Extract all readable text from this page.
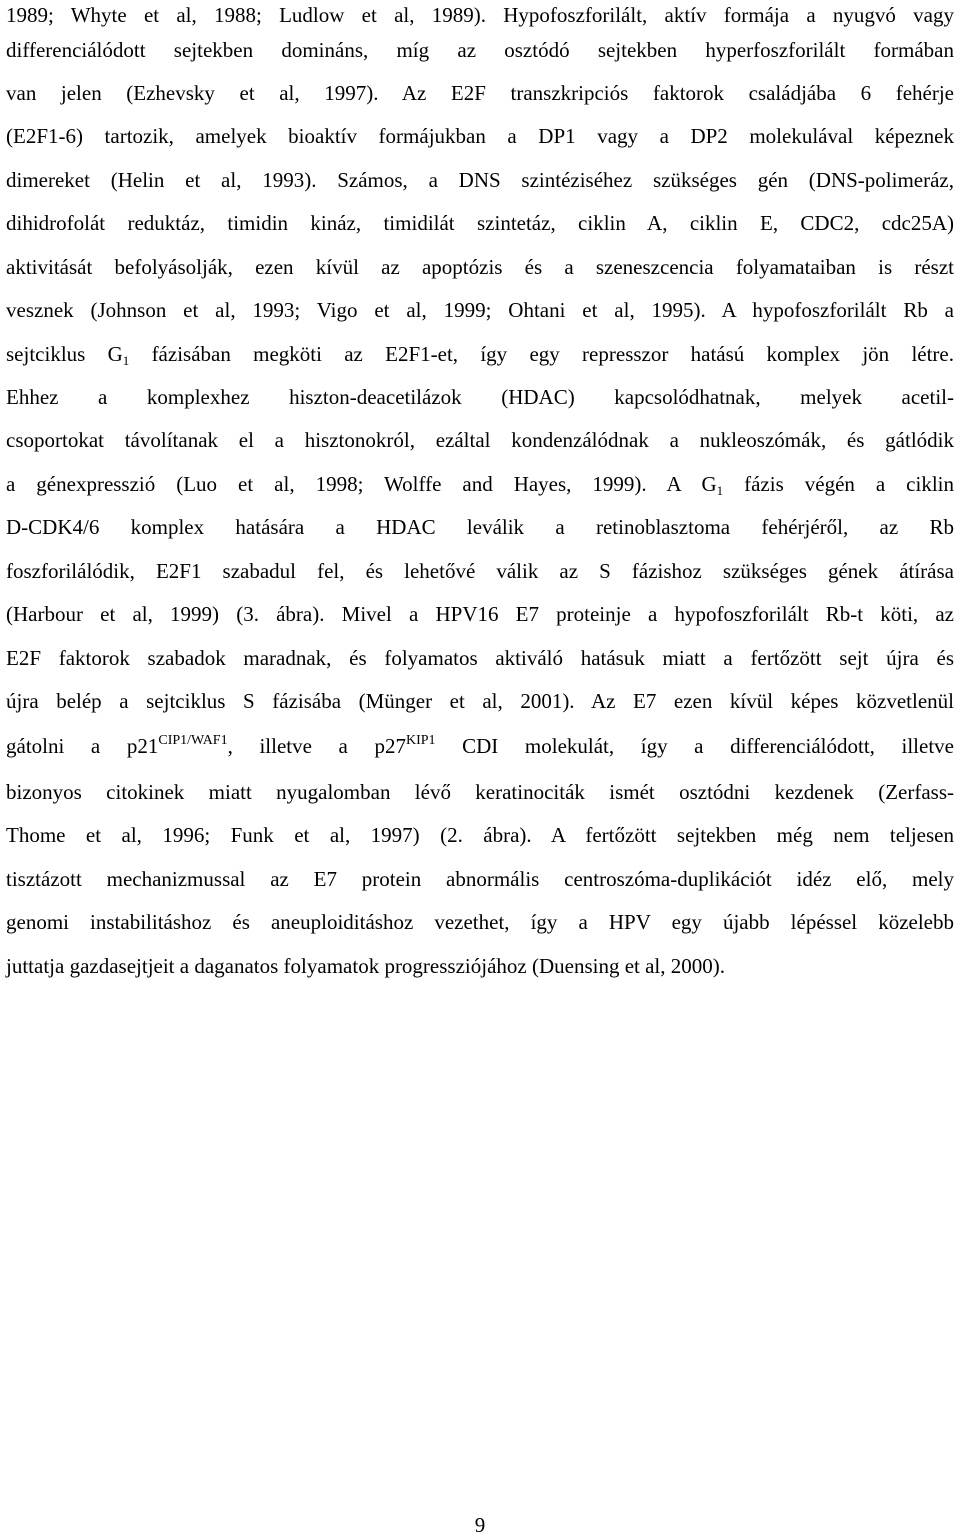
1989; Whyte et al, 1988; Ludlow et al, 1989). Hypofoszforilált, aktív formája a nyugvó vagy
differenciálódott sejtekben domináns, míg az osztódó sejtekben hyperfoszforilált formában
van jelen (Ezhevsky et al, 1997). Az E2F transzkripciós faktorok családjába 6 fehérje
(E2F1-6) tartozik, amelyek bioaktív formájukban a DP1 vagy a DP2 molekulával képeznek
dimereket (Helin et al, 1993). Számos, a DNS szintéziséhez szükséges gén (DNS-polimeráz,
dihidrofolát reduktáz, timidin kináz, timidilát szintetáz, ciklin A, ciklin E, CDC2, cdc25A)
aktivitását befolyásolják, ezen kívül az apoptózis és a szeneszcencia folyamataiban is részt
vesznek (Johnson et al, 1993; Vigo et al, 1999; Ohtani et al, 1995). A hypofoszforilált Rb a
sejtciklus $G_1$ fázisában megköti az E2F1-et, így egy represszor hatású komplex jön létre.
Ehhez a komplexhez hiszton-deacetilázok (HDAC) kapcsolódhatnak, melyek acetil-
csoportokat távolítanak el a hisztonokról, ezáltal kondenzálódnak a nukleoszómák, és gátlódik
a génexpresszió (Luo et al, 1998; Wolffe and Hayes, 1999). A $G_1$ fázis végén a ciklin
D-CDK4/6 komplex hatására a HDAC leválik a retinoblasztoma fehérjéről, az Rb
foszforilálódik, E2F1 szabadul fel, és lehetővé válik az S fázishoz szükséges gének átírása
(Harbour et al, 1999) (3. ábra). Mivel a HPV16 E7 proteinje a hypofoszforilált Rb-t köti, az
E2F faktorok szabadok maradnak, és folyamatos aktiváló hatásuk miatt a fertőzött sejt újra és
újra belép a sejtciklus S fázisába (Münger et al, 2001). Az E7 ezen kívül képes közvetlenül
gátolni a $p21^{CIP1/WAF1}$, illetve a $p27^{KIP1}$ CDI molekulát, így a differenciálódott, illetve
bizonyos citokinek miatt nyugalomban lévő keratinociták ismét osztódni kezdenek (Zerfass-
Thome et al, 1996; Funk et al, 1997) (2. ábra). A fertőzött sejtekben még nem teljesen
tisztázott mechanizmussal az E7 protein abnormális centroszóma-duplikációt idéz elő, mely
genomi instabilitáshoz és aneuploiditáshoz vezethet, így a HPV egy újabb lépéssel közelebb
juttatja gazdasejtjeit a daganatos folyamatok progressziójához (Duensing et al, 2000).
9
